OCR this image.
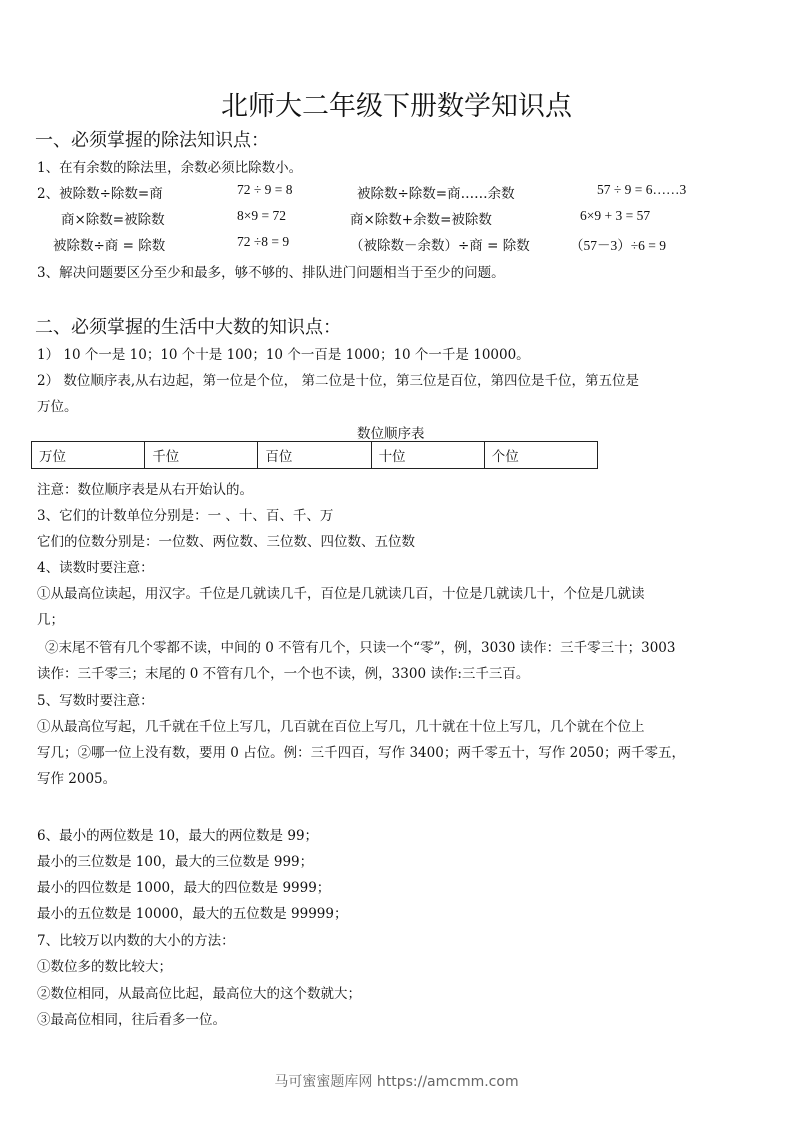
北师大二年级下册数学知识点
一、必须掌握的除法知识点：
1、在有余数的除法里，余数必须比除数小。
2、被除数÷除数=商	72 ÷ 9 = 8	被除数÷除数=商……余数	57 ÷ 9 = 6……3
商×除数=被除数	8×9 = 72	商×除数+余数=被除数	6×9 + 3 = 57
被除数÷商 = 除数	72 ÷8 = 9	（被除数－余数）÷商 = 除数	（57－3）÷6 = 9
3、解决问题要区分至少和最多，够不够的、排队进门问题相当于至少的问题。
二、必须掌握的生活中大数的知识点：
1） 10 个一是 10；10 个十是 100；10 个一百是 1000；10 个一千是 10000。
2） 数位顺序表,从右边起，第一位是个位， 第二位是十位，第三位是百位，第四位是千位，第五位是
万位。
数位顺序表
万位	千位	百位	十位	个位
注意：数位顺序表是从右开始认的。
3、它们的计数单位分别是：一 、十、百、千、万
它们的位数分别是：一位数、两位数、三位数、四位数、五位数
4、读数时要注意：
①从最高位读起，用汉字。千位是几就读几千，百位是几就读几百，十位是几就读几十，个位是几就读
几；
②末尾不管有几个零都不读，中间的 0 不管有几个，只读一个“零”，例，3030 读作：三千零三十；3003
读作：三千零三；末尾的 0 不管有几个，一个也不读，例，3300 读作:三千三百。
5、写数时要注意：
①从最高位写起，几千就在千位上写几，几百就在百位上写几，几十就在十位上写几，几个就在个位上
写几；②哪一位上没有数，要用 0 占位。例：三千四百，写作 3400；两千零五十，写作 2050；两千零五，
写作 2005。
6、最小的两位数是 10，最大的两位数是 99；
最小的三位数是 100，最大的三位数是 999；
最小的四位数是 1000，最大的四位数是 9999；
最小的五位数是 10000，最大的五位数是 99999；
7、比较万以内数的大小的方法：
①数位多的数比较大；
②数位相同，从最高位比起，最高位大的这个数就大；
③最高位相同，往后看多一位。
马可蜜蜜题库网 https://amcmm.com
